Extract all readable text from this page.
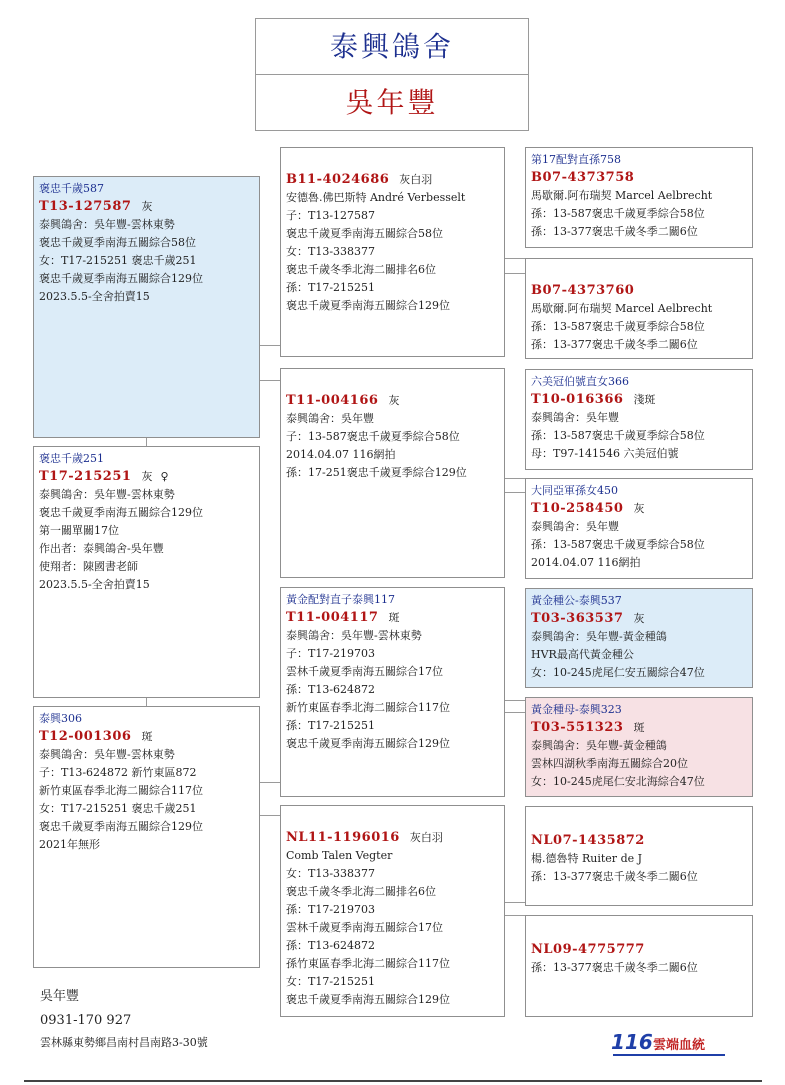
泰興鴿舍
吳年豐
褒忠千歲587
T13-127587 灰
泰興鴿舍：吳年豐-雲林東勢
褒忠千歲夏季南海五關綜合58位
女：T17-215251 褒忠千歲251
褒忠千歲夏季南海五關綜合129位
2023.5.5-全舍拍賣15
褒忠千歲251
T17-215251 灰 ♀
泰興鴿舍：吳年豐-雲林東勢
褒忠千歲夏季南海五關綜合129位
第一關單關17位
作出者：泰興鴿舍-吳年豐
使翔者：陳國書老師
2023.5.5-全舍拍賣15
泰興306
T12-001306 斑
泰興鴿舍：吳年豐-雲林東勢
子：T13-624872 新竹東區872
新竹東區春季北海二關綜合117位
女：T17-215251 褒忠千歲251
褒忠千歲夏季南海五關綜合129位
2021年無形
B11-4024686 灰白羽
安德魯.佛巴斯特 André Verbesselt
子：T13-127587
褒忠千歲夏季南海五關綜合58位
女：T13-338377
褒忠千歲冬季北海二關排名6位
孫：T17-215251
褒忠千歲夏季南海五關綜合129位
T11-004166 灰
泰興鴿舍：吳年豐
子：13-587褒忠千歲夏季綜合58位
2014.04.07 116網拍
孫：17-251褒忠千歲夏季綜合129位
黃金配對直子泰興117
T11-004117 斑
泰興鴿舍：吳年豐-雲林東勢
子：T17-219703
雲林千歲夏季南海五關綜合17位
孫：T13-624872
新竹東區春季北海二關綜合117位
孫：T17-215251
褒忠千歲夏季南海五關綜合129位
NL11-1196016 灰白羽
Comb Talen Vegter
女：T13-338377
褒忠千歲冬季北海二關排名6位
孫：T17-219703
雲林千歲夏季南海五關綜合17位
孫：T13-624872
孫竹東區春季北海二關綜合117位
女：T17-215251
褒忠千歲夏季南海五關綜合129位
第17配對直孫758
B07-4373758
馬歇爾.阿布瑞契 Marcel Aelbrecht
孫：13-587褒忠千歲夏季綜合58位
孫：13-377褒忠千歲冬季二關6位
B07-4373760
馬歇爾.阿布瑞契 Marcel Aelbrecht
孫：13-587褒忠千歲夏季綜合58位
孫：13-377褒忠千歲冬季二關6位
六美冠伯號直女366
T10-016366 淺斑
泰興鴿舍：吳年豐
孫：13-587褒忠千歲夏季綜合58位
母：T97-141546 六美冠伯號
大同亞軍孫女450
T10-258450 灰
泰興鴿舍：吳年豐
孫：13-587褒忠千歲夏季綜合58位
2014.04.07 116網拍
黃金種公-泰興537
T03-363537 灰
泰興鴿舍：吳年豐-黃金種鴿
HVR最高代黃金種公
女：10-245虎尾仁安五關綜合47位
黃金種母-泰興323
T03-551323 斑
泰興鴿舍：吳年豐-黃金種鴿
雲林四湖秋季南海五關綜合20位
女：10-245虎尾仁安北海綜合47位
NL07-1435872
楊.德魯特 Ruiter de J
孫：13-377褒忠千歲冬季二關6位
NL09-4775777
孫：13-377褒忠千歲冬季二關6位
吳年豐
0931-170 927
雲林縣東勢鄉昌南村昌南路3-30號	116 雲端血統
